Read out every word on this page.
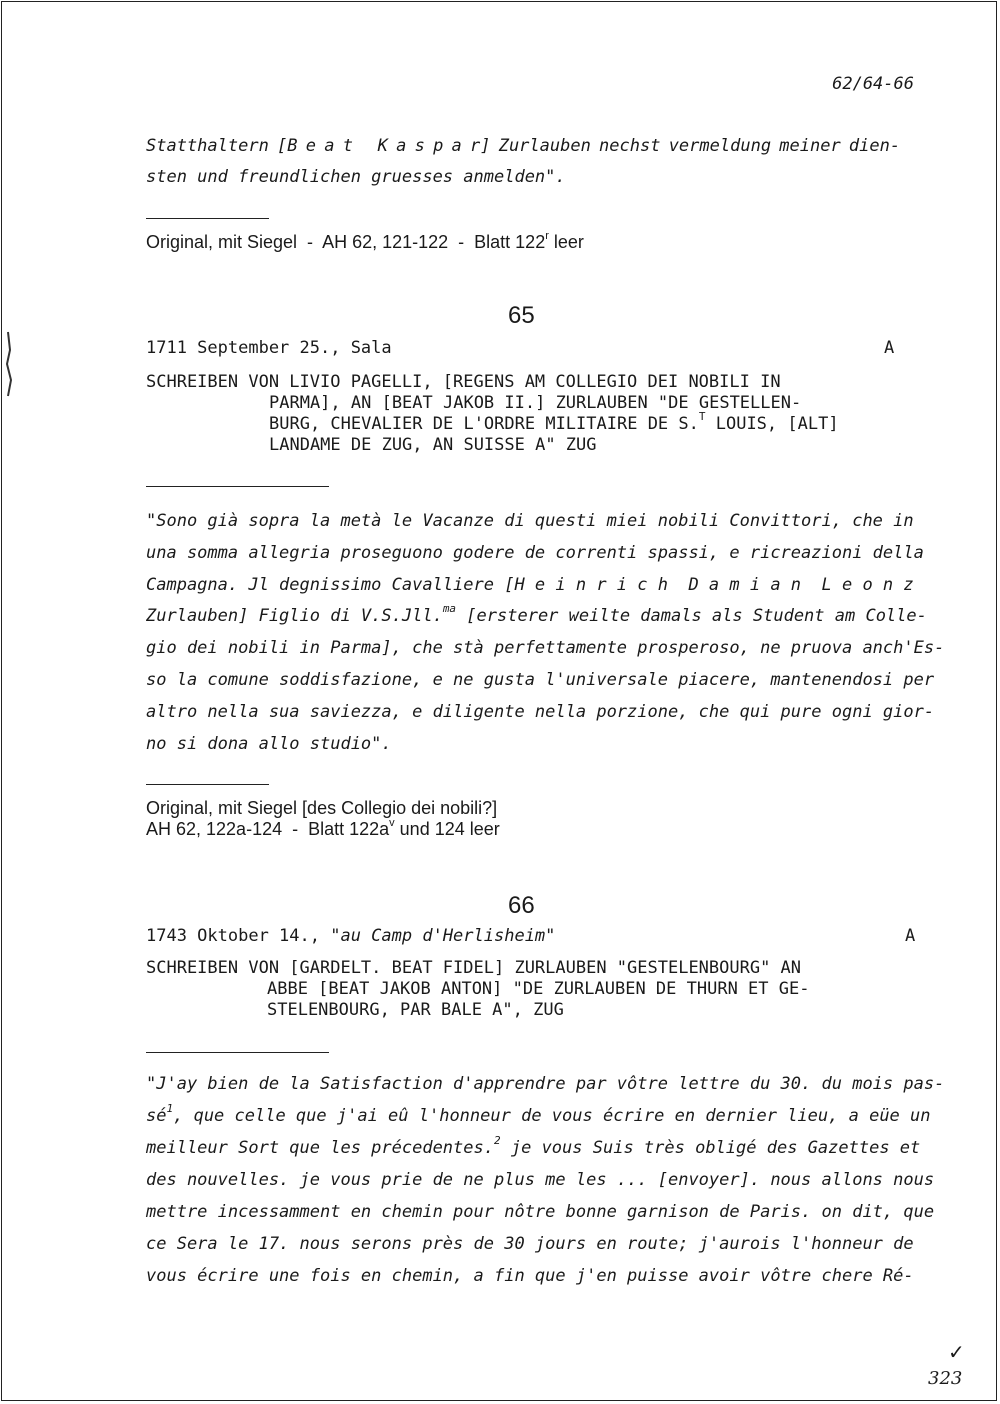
62/64-66
Statthaltern [B e a t K a s p a r] Zurlauben nechst vermeldung meiner dien-
sten und freundlichen gruesses anmelden".
Original, mit Siegel  -  AH 62, 121-122  -  Blatt 122$^r$ leer
65
1711 September 25., Sala	A
SCHREIBEN VON LIVIO PAGELLI, [REGENS AM COLLEGIO DEI NOBILI IN
PARMA], AN [BEAT JAKOB II.] ZURLAUBEN "DE GESTELLEN-
BURG, CHEVALIER DE L'ORDRE MILITAIRE DE S.$^T$ LOUIS, [ALT]
LANDAME DE ZUG, AN SUISSE A" ZUG
"Sono già sopra la metà le Vacanze di questi miei nobili Convittori, che in
una somma allegria proseguono godere de correnti spassi, e ricreazioni della
Campagna. Jl degnissimo Cavalliere [H e i n r i c h  D a m i a n  L e o n z
Zurlauben] Figlio di V.S.Jll.$^{ma}$ [ersterer weilte damals als Student am Colle-
gio dei nobili in Parma], che stà perfettamente prosperoso, ne pruova anch'Es-
so la comune soddisfazione, e ne gusta l'universale piacere, mantenendosi per
altro nella sua saviezza, e diligente nella porzione, che qui pure ogni gior-
no si dona allo studio".
Original, mit Siegel [des Collegio dei nobili?]
AH 62, 122a-124  -  Blatt $122a^v$ und 124 leer
66
1743 Oktober 14., "au Camp d'Herlisheim"	A
SCHREIBEN VON [GARDELT. BEAT FIDEL] ZURLAUBEN "GESTELENBOURG" AN
ABBE [BEAT JAKOB ANTON] "DE ZURLAUBEN DE THURN ET GE-
STELENBOURG, PAR BALE A", ZUG
"J'ay bien de la Satisfaction d'apprendre par vôtre lettre du 30. du mois pas-
$sé^1$, que celle que j'ai eû l'honneur de vous écrire en dernier lieu, a eüe un
meilleur Sort que les précedentes.$^2$ je vous Suis très obligé des Gazettes et
des nouvelles. je vous prie de ne plus me les ... [envoyer]. nous allons nous
mettre incessamment en chemin pour nôtre bonne garnison de Paris. on dit, que
ce Sera le 17. nous serons près de 30 jours en route; j'aurois l'honneur de
vous écrire une fois en chemin, a fin que j'en puisse avoir vôtre chere Ré-
✓
323
